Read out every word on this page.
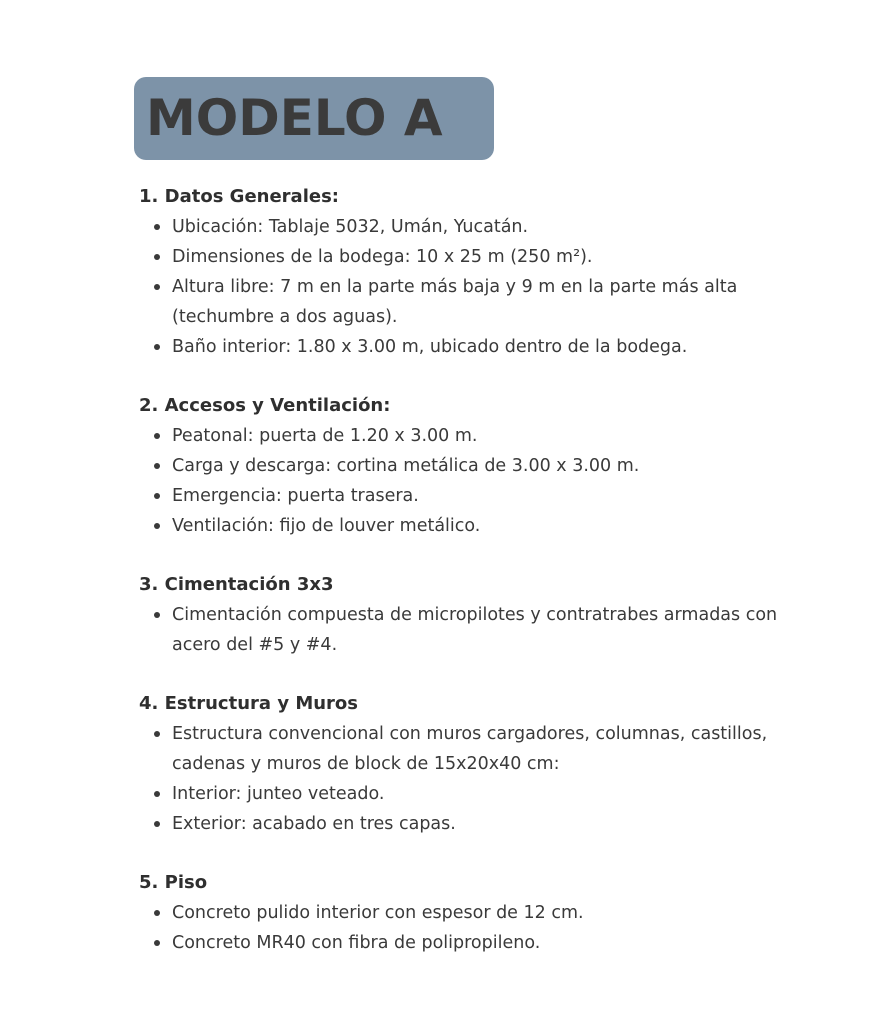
MODELO A
1. Datos Generales:
Ubicación: Tablaje 5032, Umán, Yucatán.
Dimensiones de la bodega: 10 x 25 m (250 m²).
Altura libre: 7 m en la parte más baja y 9 m en la parte más alta (techumbre a dos aguas).
Baño interior: 1.80 x 3.00 m, ubicado dentro de la bodega.
2. Accesos y Ventilación:
Peatonal: puerta de 1.20 x 3.00 m.
Carga y descarga: cortina metálica de 3.00 x 3.00 m.
Emergencia: puerta trasera.
Ventilación: fijo de louver metálico.
3. Cimentación 3x3
Cimentación compuesta de micropilotes y contratrabes armadas con acero del #5 y #4.
4. Estructura y Muros
Estructura convencional con muros cargadores, columnas, castillos, cadenas y muros de block de 15x20x40 cm:
Interior: junteo veteado.
Exterior: acabado en tres capas.
5. Piso
Concreto pulido interior con espesor de 12 cm.
Concreto MR40 con fibra de polipropileno.
